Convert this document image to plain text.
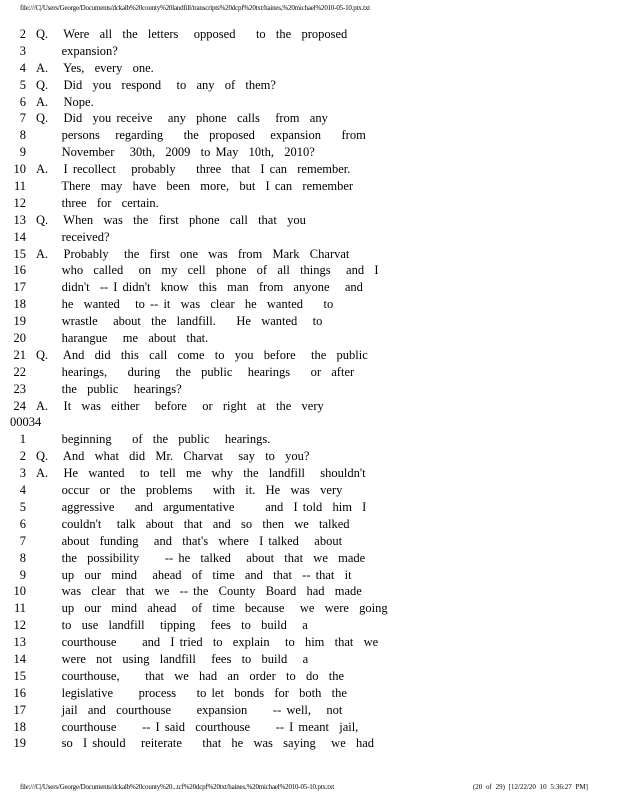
file:///C|/Users/George/Documents/dckalb%20county%20landfill/transcripts%20dcpf%20txt/haines,%20michael%2010-05-10.ptx.txt
2 Q.   Were  all  the  letters   opposed    to  the  proposed
3 expansion?
4 A.   Yes,  every  one.
5 Q.   Did  you  respond   to  any  of  them?
6 A.   Nope.
7 Q.   Did  you receive   any  phone  calls   from  any
8 persons   regarding    the  proposed   expansion    from
9 November   30th,  2009  to May  10th,  2010?
10 A.   I recollect   probably    three  that  I can  remember.
11 There  may  have  been  more,  but  I can  remember
12 three  for  certain.
13 Q.   When  was  the  first  phone  call  that  you
14 received?
15 A.   Probably   the  first  one  was  from  Mark  Charvat
16 who  called   on  my  cell  phone  of  all  things   and  I
17 didn't  -- I didn't  know  this  man  from  anyone   and
18 he  wanted   to -- it  was  clear  he  wanted    to
19 wrastle   about  the  landfill.    He  wanted   to
20 harangue   me  about  that.
21 Q.   And  did  this  call  come  to  you  before   the  public
22 hearings,    during   the  public   hearings    or  after
23 the  public   hearings?
24 A.   It  was  either   before   or  right  at  the  very
00034
1 beginning    of  the  public   hearings.
2 Q.   And  what  did  Mr.  Charvat   say  to  you?
3 A.   He  wanted   to  tell  me  why  the  landfill   shouldn't
4 occur  or  the  problems    with  it.  He  was  very
5 aggressive    and  argumentative      and  I told  him  I
6 couldn't   talk  about  that  and  so  then  we  talked
7 about  funding   and  that's  where  I talked   about
8 the  possibility     -- he  talked   about  that  we  made
9 up  our  mind   ahead  of  time  and  that  -- that  it
10 was  clear  that  we  -- the  County  Board  had  made
11 up  our  mind  ahead   of  time  because   we  were  going
12 to  use  landfill   tipping   fees  to  build   a
13 courthouse     and  I tried  to  explain   to  him  that  we
14 were  not  using  landfill   fees  to  build   a
15 courthouse,     that  we  had  an  order  to  do  the
16 legislative     process    to let  bonds  for  both  the
17 jail  and  courthouse     expansion     -- well,   not
18 courthouse     -- I said  courthouse     -- I meant  jail,
19 so  I should   reiterate    that  he  was  saying   we  had
file:///C|/Users/George/Documents/dckalb%20county%20...tcf%20dcpf%20txt/haines,%20michael%2010-05-10.ptx.txt	(20 of 29) [12/22/20 10 5:36:27 PM]
